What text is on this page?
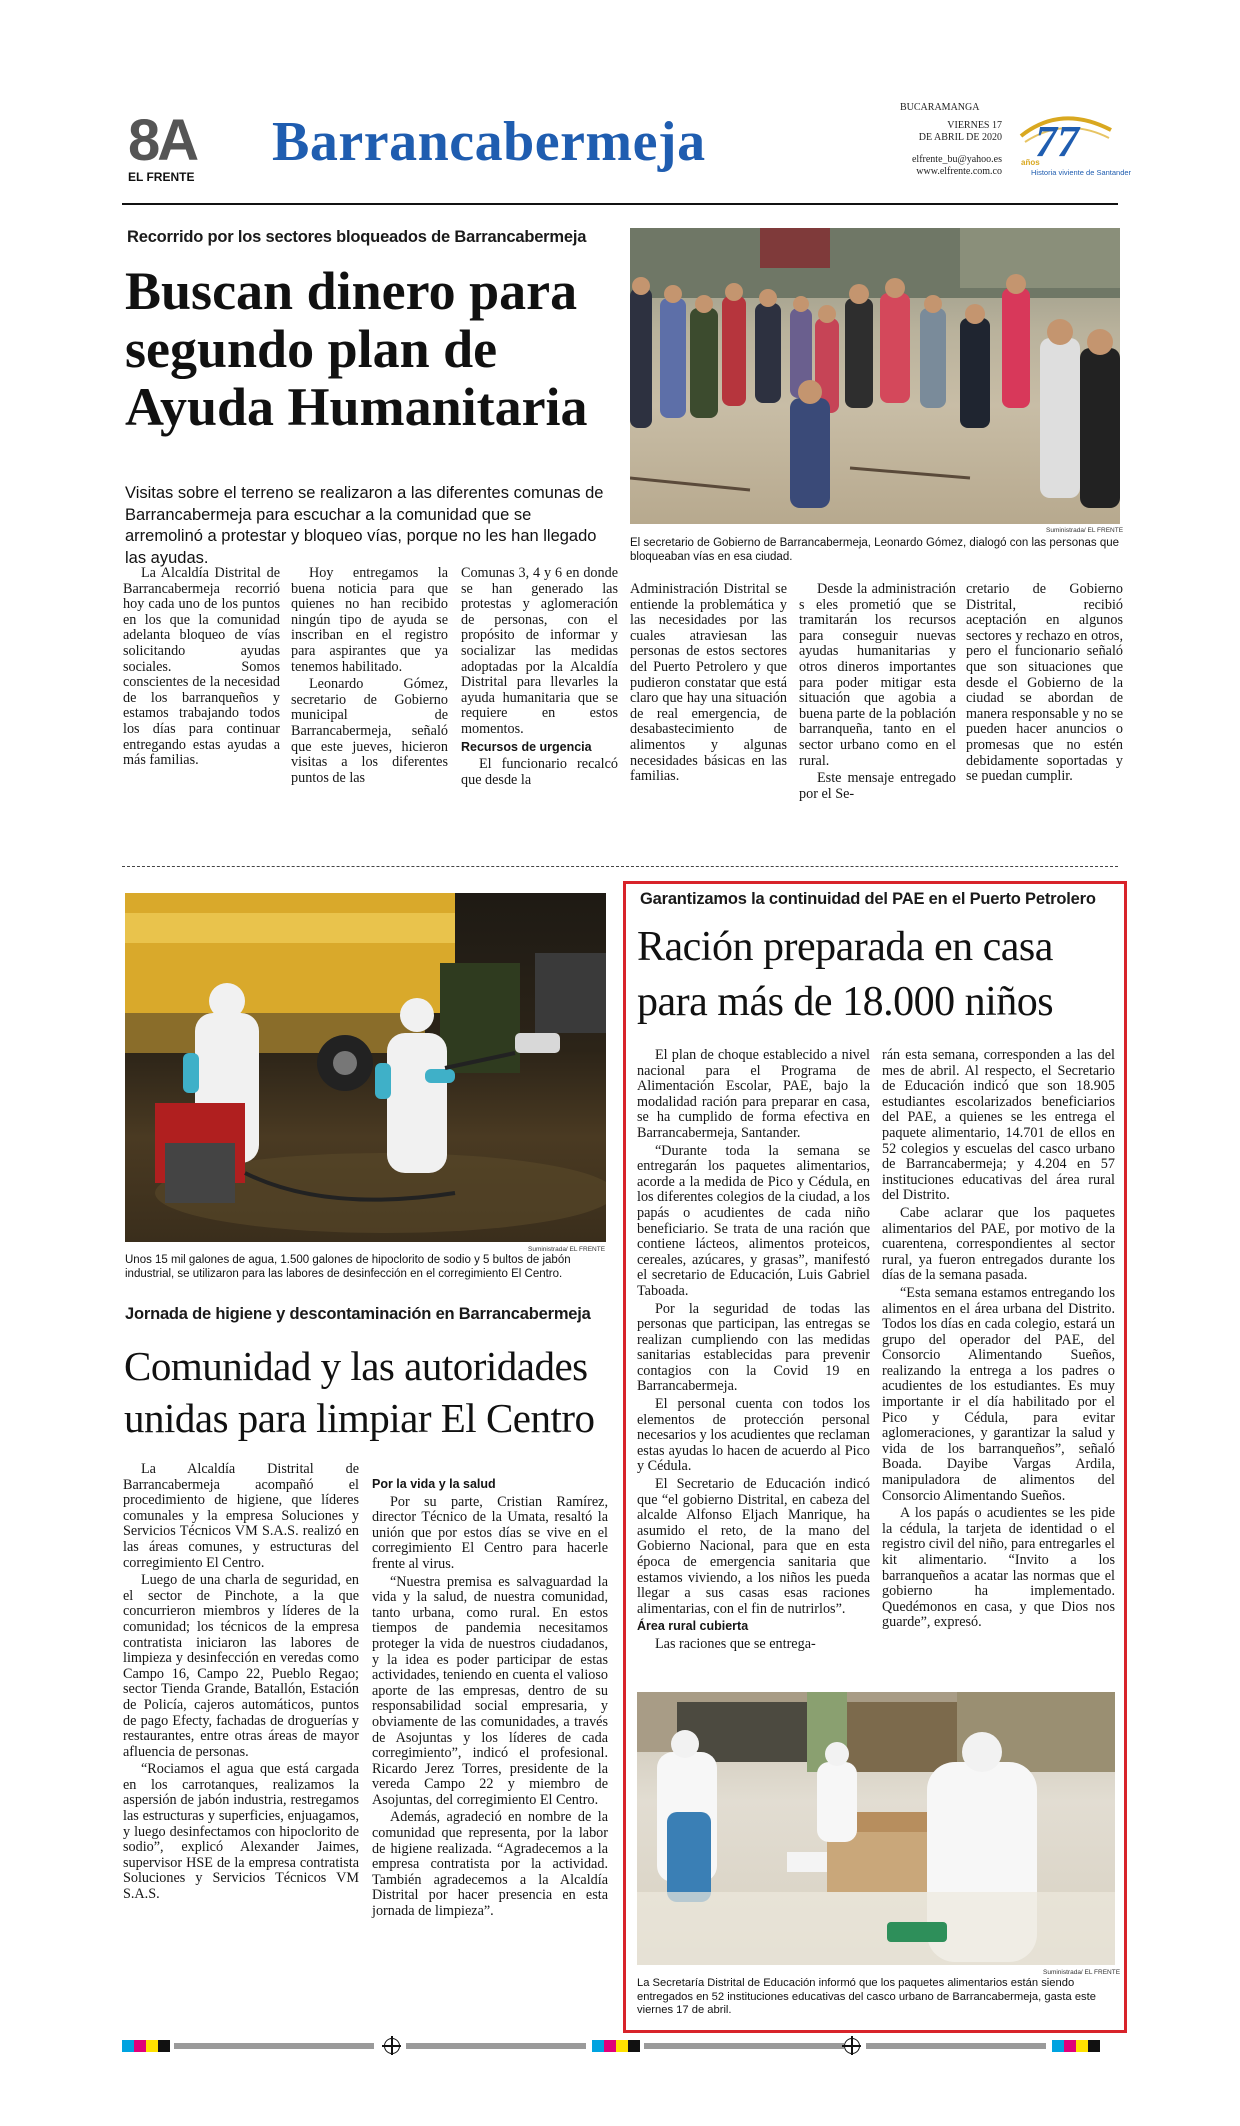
8A
EL FRENTE
Barrancabermeja
BUCARAMANGA
VIERNES 17
DE ABRIL DE 2020
elfrente_bu@yahoo.es
www.elfrente.com.co
77
años
Historia viviente de Santander
Recorrido por los sectores bloqueados de Barrancabermeja
Buscan dinero para
segundo plan de
Ayuda Humanitaria
Visitas sobre el terreno se realizaron a las diferentes comunas de Barrancabermeja para escuchar a la comunidad que se arremolinó a protestar y bloqueo vías, porque no les han llegado las ayudas.
Suministrada/ EL FRENTE
El secretario de Gobierno de Barrancabermeja, Leonardo Gómez, dialogó con las personas que bloqueaban vías en esa ciudad.

La Alcaldía Distrital de Barrancabermeja recorrió hoy cada uno de los puntos en los que la comunidad adelanta bloqueo de vías solicitando ayudas sociales. Somos conscientes de la necesidad de los barranqueños y estamos trabajando todos los días para continuar entregando estas ayudas a más familias.

Hoy entregamos la buena noticia para que quienes no han recibido ningún tipo de ayuda se inscriban en el registro para aspirantes que ya tenemos habilitado.

Leonardo Gómez, secretario de Gobierno municipal de Barrancabermeja, señaló que este jueves, hicieron visitas a los diferentes puntos de las

Comunas 3, 4 y 6 en donde se han generado las protestas y aglomeración de personas, con el propósito de informar y socializar las medidas adoptadas por la Alcaldía Distrital para llevarles la ayuda humanitaria que se requiere en estos momentos.

Recursos de urgencia

El funcionario recalcó que desde la

Administración Distrital se entiende la problemática y las necesidades por las cuales atraviesan las personas de estos sectores del Puerto Petrolero y que pudieron constatar que está claro que hay una situación de real emergencia, de desabastecimiento de alimentos y algunas necesidades básicas en las familias.

Desde la administración s eles prometió que se tramitarán los recursos para conseguir nuevas ayudas humanitarias y otros dineros importantes para poder mitigar esta situación que agobia a buena parte de la población barranqueña, tanto en el sector urbano como en el rural.

Este mensaje entregado por el Se-

cretario de Gobierno Distrital, recibió aceptación en algunos sectores y rechazo en otros, pero el funcionario señaló que son situaciones que desde el Gobierno de la ciudad se abordan de manera responsable y no se pueden hacer anuncios o promesas que no estén debidamente soportadas y se puedan cumplir.

Suministrada/ EL FRENTE
Unos 15 mil galones de agua, 1.500 galones de hipoclorito de sodio y 5 bultos de jabón industrial, se utilizaron para las labores de desinfección en el corregimiento El Centro.
Jornada de higiene y descontaminación en Barrancabermeja
Comunidad y las autoridades
unidas para limpiar El Centro

La Alcaldía Distrital de Barrancabermeja acompañó el procedimiento de higiene, que líderes comunales y la empresa Soluciones y Servicios Técnicos VM S.A.S. realizó en las áreas comunes, y estructuras del corregimiento El Centro.

Luego de una charla de seguridad, en el sector de Pinchote, a la que concurrieron miembros y líderes de la comunidad; los técnicos de la empresa contratista iniciaron las labores de limpieza y desinfección en veredas como Campo 16, Campo 22, Pueblo Regao; sector Tienda Grande, Batallón, Estación de Policía, cajeros automáticos, puntos de pago Efecty, fachadas de droguerías y restaurantes, entre otras áreas de mayor afluencia de personas.

“Rociamos el agua que está cargada en los carrotanques, realizamos la aspersión de jabón industria, restregamos las estructuras y superficies, enjuagamos, y luego desinfectamos con hipoclorito de sodio”, explicó Alexander Jaimes, supervisor HSE de la empresa contratista Soluciones y Servicios Técnicos VM S.A.S.

Por la vida y la salud

Por su parte, Cristian Ramírez, director Técnico de la Umata, resaltó la unión que por estos días se vive en el corregimiento El Centro para hacerle frente al virus.

“Nuestra premisa es salvaguardad la vida y la salud, de nuestra comunidad, tanto urbana, como rural. En estos tiempos de pandemia necesitamos proteger la vida de nuestros ciudadanos, y la idea es poder participar de estas actividades, teniendo en cuenta el valioso aporte de las empresas, dentro de su responsabilidad social empresaria, y obviamente de las comunidades, a través de Asojuntas y los líderes de cada corregimiento”, indicó el profesional. Ricardo Jerez Torres, presidente de la vereda Campo 22 y miembro de Asojuntas, del corregimiento El Centro.

Además, agradeció en nombre de la comunidad que representa, por la labor de higiene realizada. “Agradecemos a la empresa contratista por la actividad. También agradecemos a la Alcaldía Distrital por hacer presencia en esta jornada de limpieza”.

Garantizamos la continuidad del PAE en el Puerto Petrolero
Ración preparada en casa
para más de 18.000 niños

El plan de choque establecido a nivel nacional para el Programa de Alimentación Escolar, PAE, bajo la modalidad ración para preparar en casa, se ha cumplido de forma efectiva en Barrancabermeja, Santander.

“Durante toda la semana se entregarán los paquetes alimentarios, acorde a la medida de Pico y Cédula, en los diferentes colegios de la ciudad, a los papás o acudientes de cada niño beneficiario. Se trata de una ración que contiene lácteos, alimentos proteicos, cereales, azúcares, y grasas”, manifestó el secretario de Educación, Luis Gabriel Taboada.

Por la seguridad de todas las personas que participan, las entregas se realizan cumpliendo con las medidas sanitarias establecidas para prevenir contagios con la Covid 19 en Barrancabermeja.

El personal cuenta con todos los elementos de protección personal necesarios y los acudientes que reclaman estas ayudas lo hacen de acuerdo al Pico y Cédula.

El Secretario de Educación indicó que “el gobierno Distrital, en cabeza del alcalde Alfonso Eljach Manrique, ha asumido el reto, de la mano del Gobierno Nacional, para que en esta época de emergencia sanitaria que estamos viviendo, a los niños les pueda llegar a sus casas esas raciones alimentarias, con el fin de nutrirlos”.

Área rural cubierta

Las raciones que se entrega-

rán esta semana, corresponden a las del mes de abril. Al respecto, el Secretario de Educación indicó que son 18.905 estudiantes escolarizados beneficiarios del PAE, a quienes se les entrega el paquete alimentario, 14.701 de ellos en 52 colegios y escuelas del casco urbano de Barrancabermeja; y 4.204 en 57 instituciones educativas del área rural del Distrito.

Cabe aclarar que los paquetes alimentarios del PAE, por motivo de la cuarentena, correspondientes al sector rural, ya fueron entregados durante los días de la semana pasada.

“Esta semana estamos entregando los alimentos en el área urbana del Distrito. Todos los días en cada colegio, estará un grupo del operador del PAE, del Consorcio Alimentando Sueños, realizando la entrega a los padres o acudientes de los estudiantes. Es muy importante ir el día habilitado por el Pico y Cédula, para evitar aglomeraciones, y garantizar la salud y vida de los barranqueños”, señaló Boada. Dayibe Vargas Ardila, manipuladora de alimentos del Consorcio Alimentando Sueños.

A los papás o acudientes se les pide la cédula, la tarjeta de identidad o el registro civil del niño, para entregarles el kit alimentario. “Invito a los barranqueños a acatar las normas que el gobierno ha implementado. Quedémonos en casa, y que Dios nos guarde”, expresó.

Suministrada/ EL FRENTE
La Secretaría Distrital de Educación informó que los paquetes alimentarios están siendo entregados en 52 instituciones educativas del casco urbano de Barrancabermeja, gasta este viernes 17 de abril.
